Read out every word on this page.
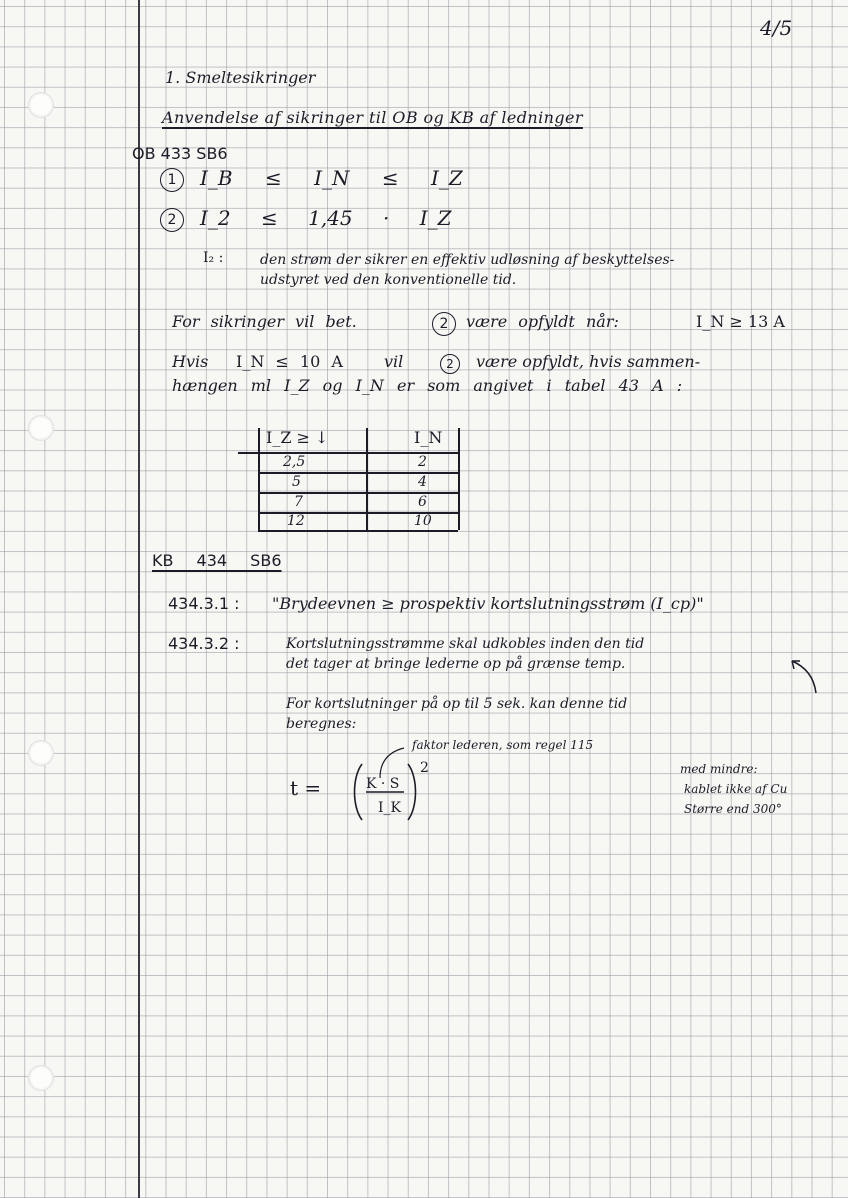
4/5
1. Smeltesikringer
Anvendelse af sikringer til OB og KB af ledninger
OB 433 SB6
1	I_B ≤ I_N ≤ I_Z
2	I_2 ≤ 1,45 · I_Z
I₂ :	den strøm der sikrer en effektiv udløsning af beskyttelses-
udstyret ved den konventionelle tid.
For sikringer vil bet.	2	være opfyldt når:	I_N ≥ 13 A
Hvis I_N ≤ 10 A	vil	2	være opfyldt, hvis sammen-
hængen ml I_Z og I_N er som angivet i tabel 43 A :
I_Z ≥ ↓	I_N
2,5	2
5	4
7	6
12	10
KB 434 SB6
434.3.1 : "Brydeevnen ≥ prospektiv kortslutningsstrøm (I_cp)"
434.3.2 :	Kortslutningsstrømme skal udkobles inden den tid
det tager at bringe lederne op på grænse temp.
For kortslutninger på op til 5 sek. kan denne tid
beregnes:
t =	K · S
I_K
2
faktor lederen, som regel 115
med mindre:
kablet ikke af Cu
Større end 300°
